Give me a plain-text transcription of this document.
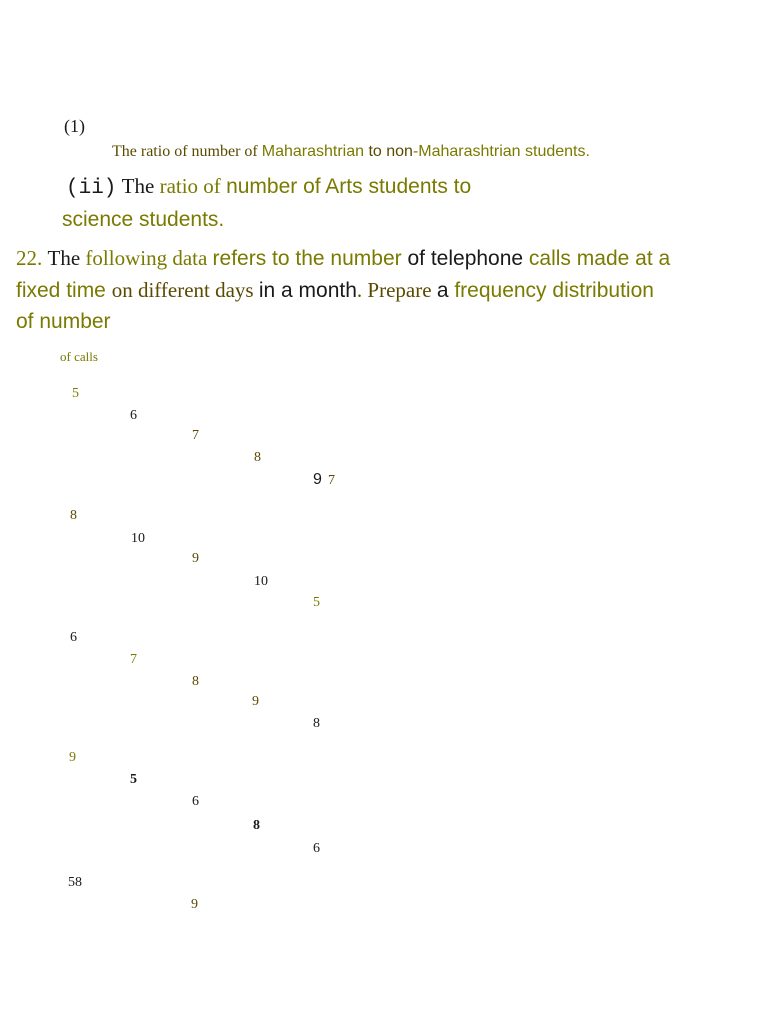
(1)
The ratio of number of Maharashtrian to non-Maharashtrian students.
(ii) The ratio of number of Arts students to
science students.
22. The following data refers to the number of telephone calls made at a
fixed time on different days in a month. Prepare a frequency distribution
of number
of calls
5
6
7
8
9 7
8
10
9
10
5
6
7
8
9
8
9
5
6
8
6
58
9
